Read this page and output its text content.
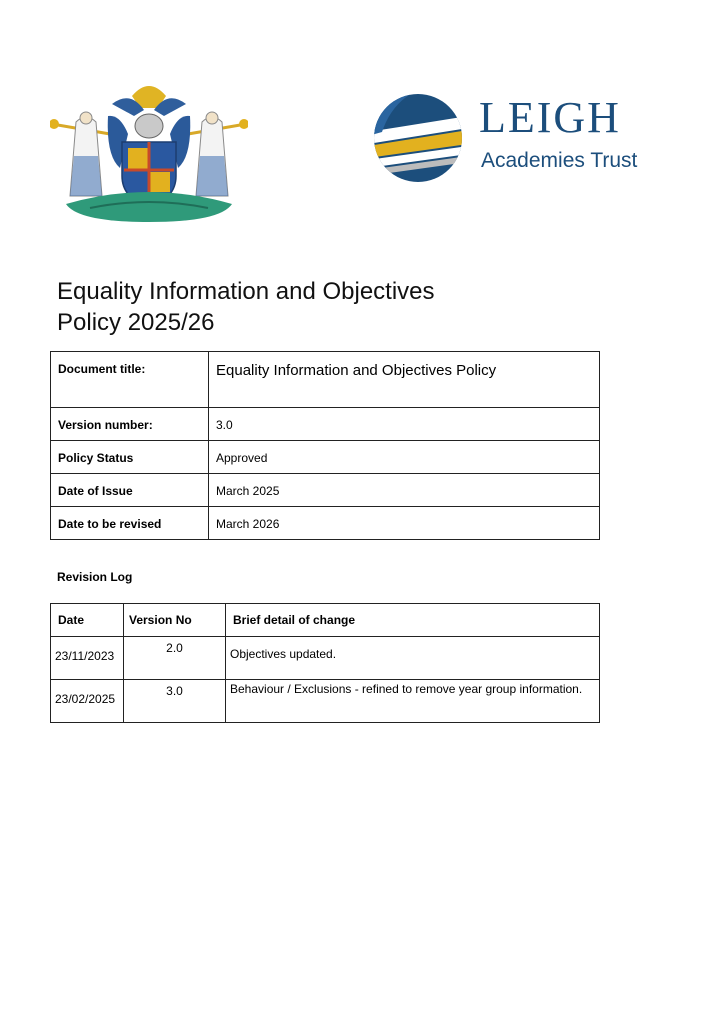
LEIGH
Academies Trust
Equality Information and Objectives
Policy 2025/26
Document title:	Equality Information and Objectives Policy
Version number:	3.0
Policy Status	Approved
Date of Issue	March 2025
Date to be revised	March 2026
Revision Log
Date	Version No	Brief detail of change
23/11/2023	2.0	Objectives updated.
23/02/2025	3.0	Behaviour / Exclusions - refined to remove year group information.
